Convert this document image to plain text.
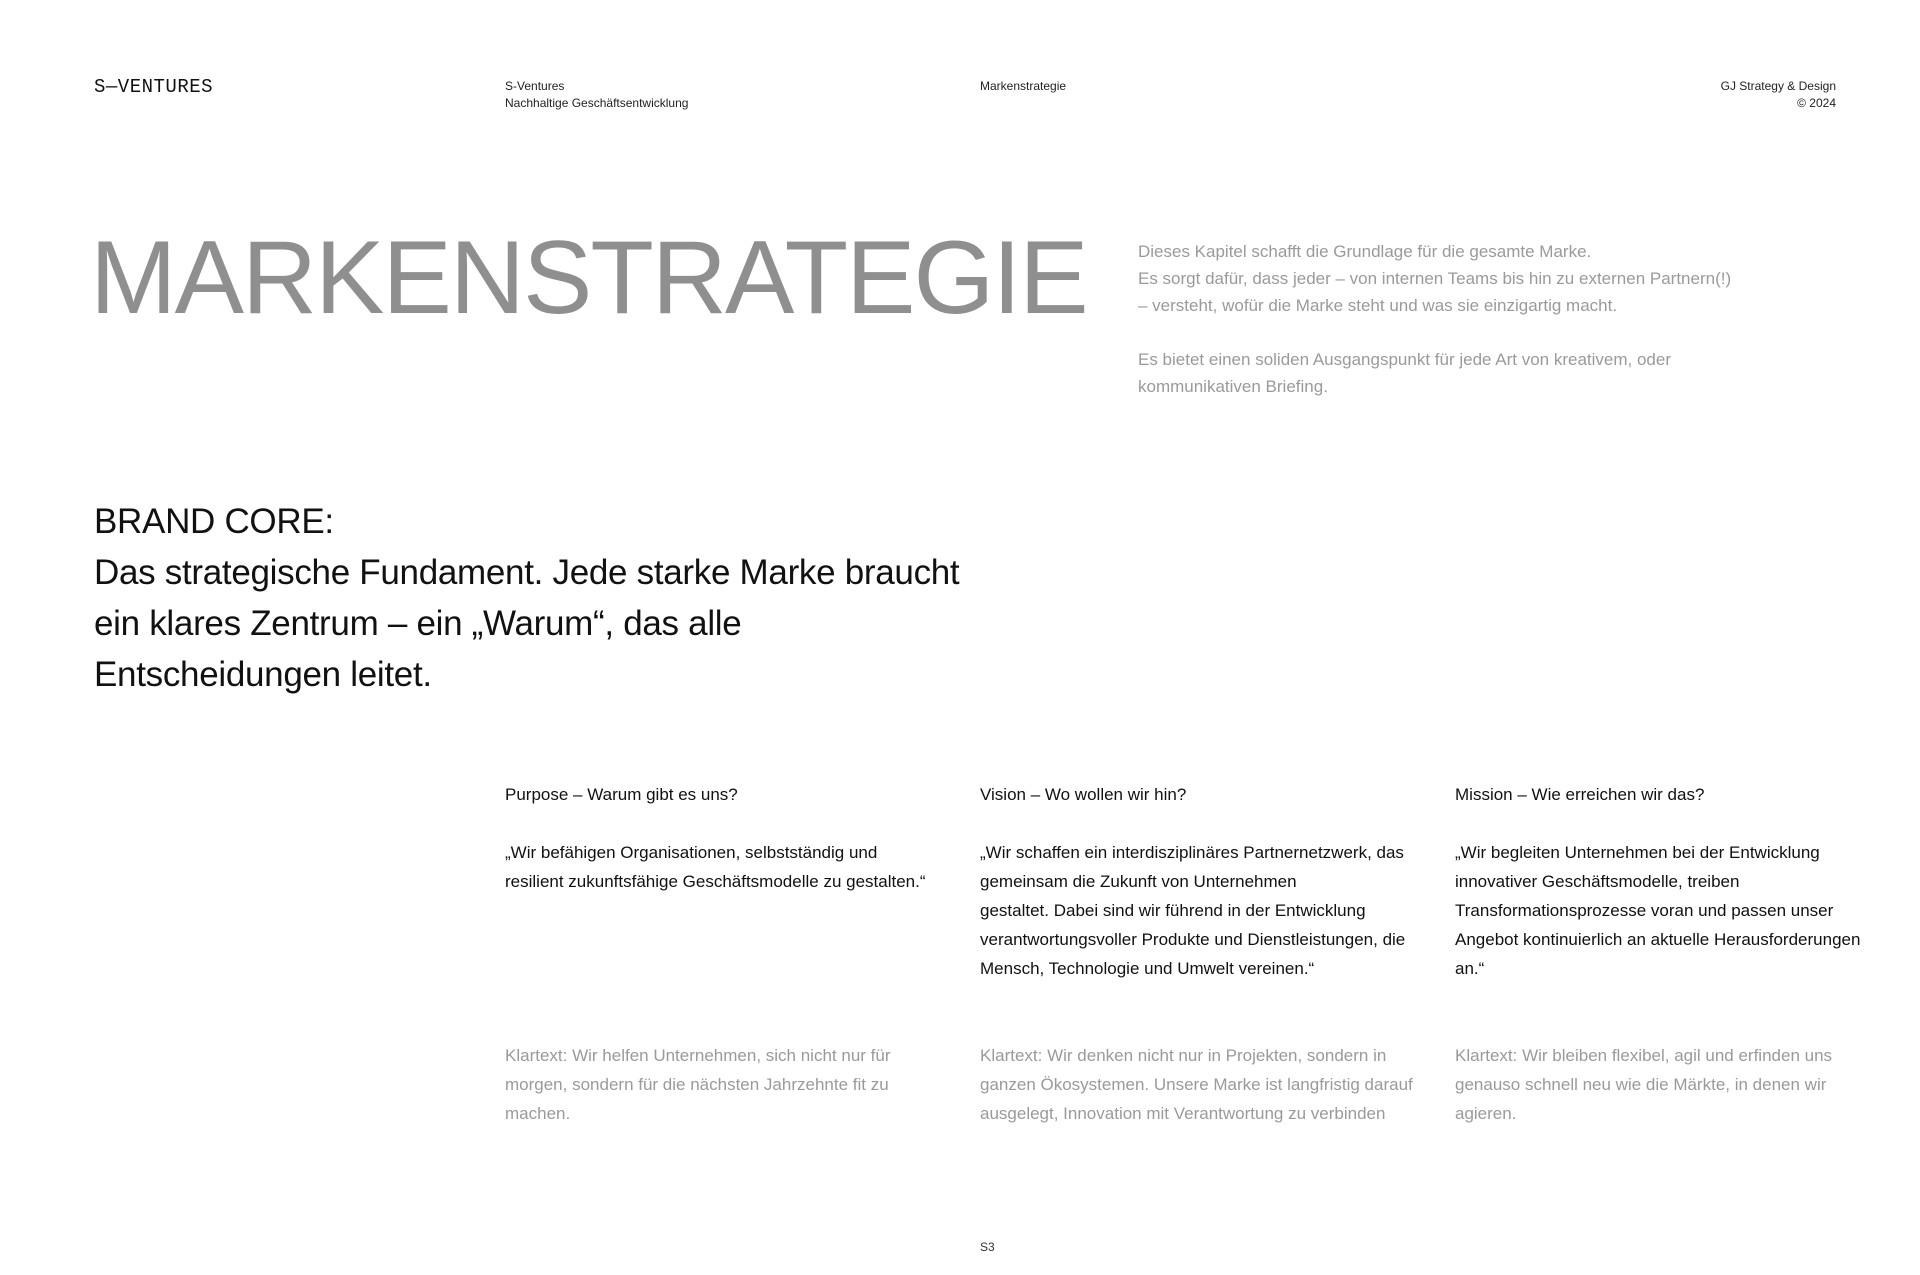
S—VENTURES	S-Ventures
Nachhaltige Geschäftsentwicklung
Markenstrategie	GJ Strategy & Design
© 2024
MARKENSTRATEGIE	Dieses Kapitel schafft die Grundlage für die gesamte Marke.
Es sorgt dafür, dass jeder – von internen Teams bis hin zu externen Partnern(!)
– versteht, wofür die Marke steht und was sie einzigartig macht.

Es bietet einen soliden Ausgangspunkt für jede Art von kreativem, oder
kommunikativen Briefing.

BRAND CORE:
Das strategische Fundament. Jede starke Marke braucht
ein klares Zentrum – ein „Warum“, das alle
Entscheidungen leitet.

Purpose – Warum gibt es uns?

„Wir befähigen Organisationen, selbstständig und
resilient zukunftsfähige Geschäftsmodelle zu gestalten.“
Klartext: Wir helfen Unternehmen, sich nicht nur für
morgen, sondern für die nächsten Jahrzehnte fit zu
machen.

Vision – Wo wollen wir hin?

„Wir schaffen ein interdisziplinäres Partnernetzwerk, das
gemeinsam die Zukunft von Unternehmen
gestaltet. Dabei sind wir führend in der Entwicklung
verantwortungsvoller Produkte und Dienstleistungen, die
Mensch, Technologie und Umwelt vereinen.“
Klartext: Wir denken nicht nur in Projekten, sondern in
ganzen Ökosystemen. Unsere Marke ist langfristig darauf
ausgelegt, Innovation mit Verantwortung zu verbinden

Mission – Wie erreichen wir das?

„Wir begleiten Unternehmen bei der Entwicklung
innovativer Geschäftsmodelle, treiben
Transformationsprozesse voran und passen unser
Angebot kontinuierlich an aktuelle Herausforderungen
an.“
Klartext: Wir bleiben flexibel, agil und erfinden uns
genauso schnell neu wie die Märkte, in denen wir
agieren.
S3
